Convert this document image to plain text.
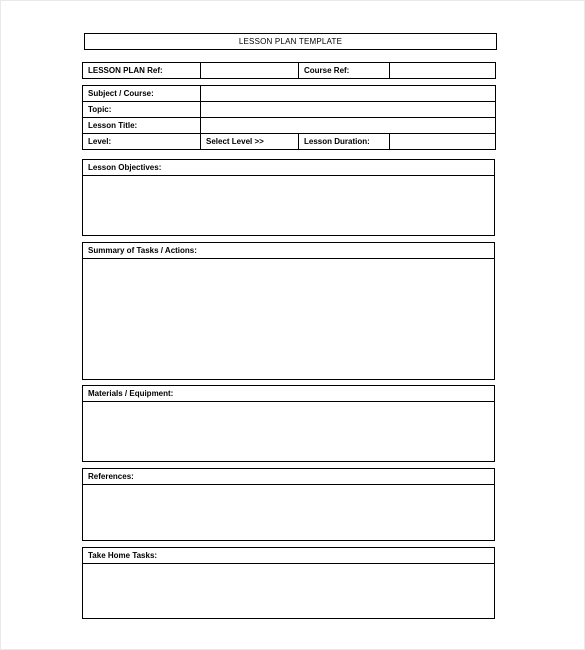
LESSON PLAN TEMPLATE
LESSON PLAN Ref:		Course Ref:	
Subject / Course:			
Topic:			
Lesson Title:			
Level:	Select Level >>	Lesson Duration:	
Lesson Objectives:
Summary of Tasks / Actions:
Materials / Equipment:
References:
Take Home Tasks:
